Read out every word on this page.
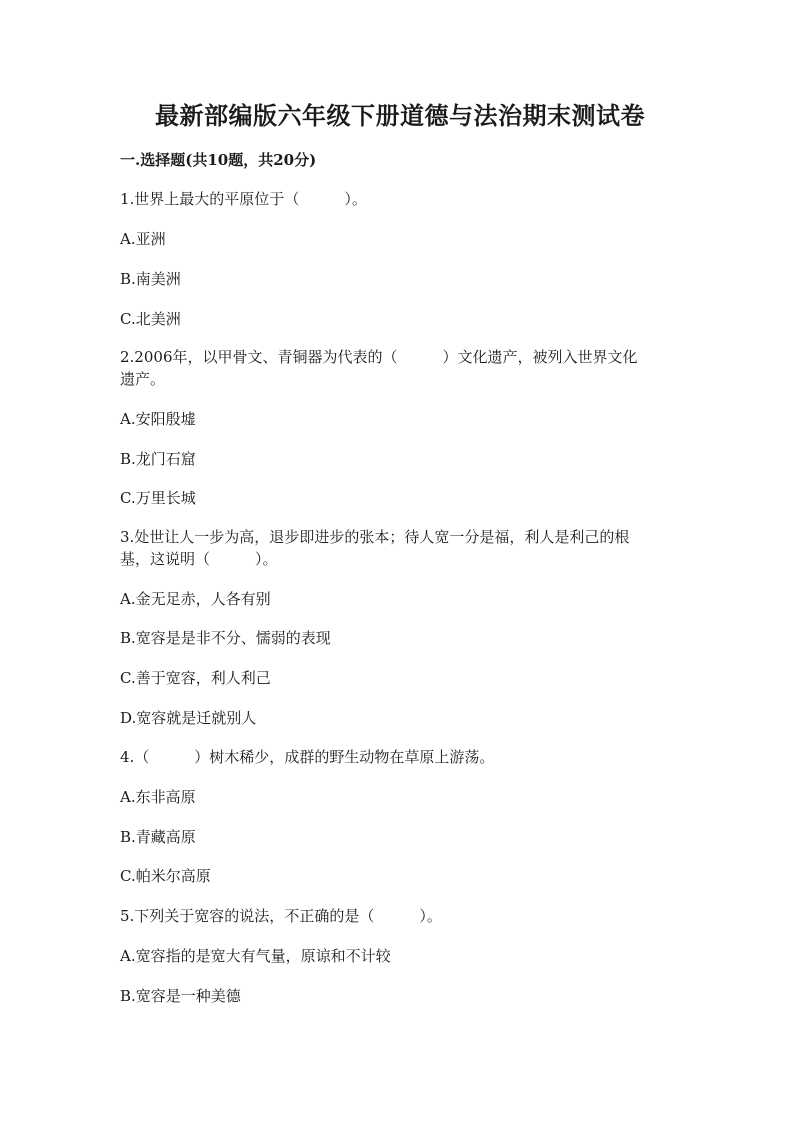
最新部编版六年级下册道德与法治期末测试卷
一.选择题(共10题，共20分)

1.世界上最大的平原位于（　　　）。

A.亚洲

B.南美洲

C.北美洲

2.2006年，以甲骨文、青铜器为代表的（　　　）文化遗产，被列入世界文化

遗产。

A.安阳殷墟

B.龙门石窟

C.万里长城

3.处世让人一步为高，退步即进步的张本；待人宽一分是福，利人是利己的根

基，这说明（　　　）。

A.金无足赤，人各有别

B.宽容是是非不分、懦弱的表现

C.善于宽容，利人利己

D.宽容就是迁就别人

4.（　　　）树木稀少，成群的野生动物在草原上游荡。

A.东非高原

B.青藏高原

C.帕米尔高原

5.下列关于宽容的说法，不正确的是（　　　）。

A.宽容指的是宽大有气量，原谅和不计较

B.宽容是一种美德
